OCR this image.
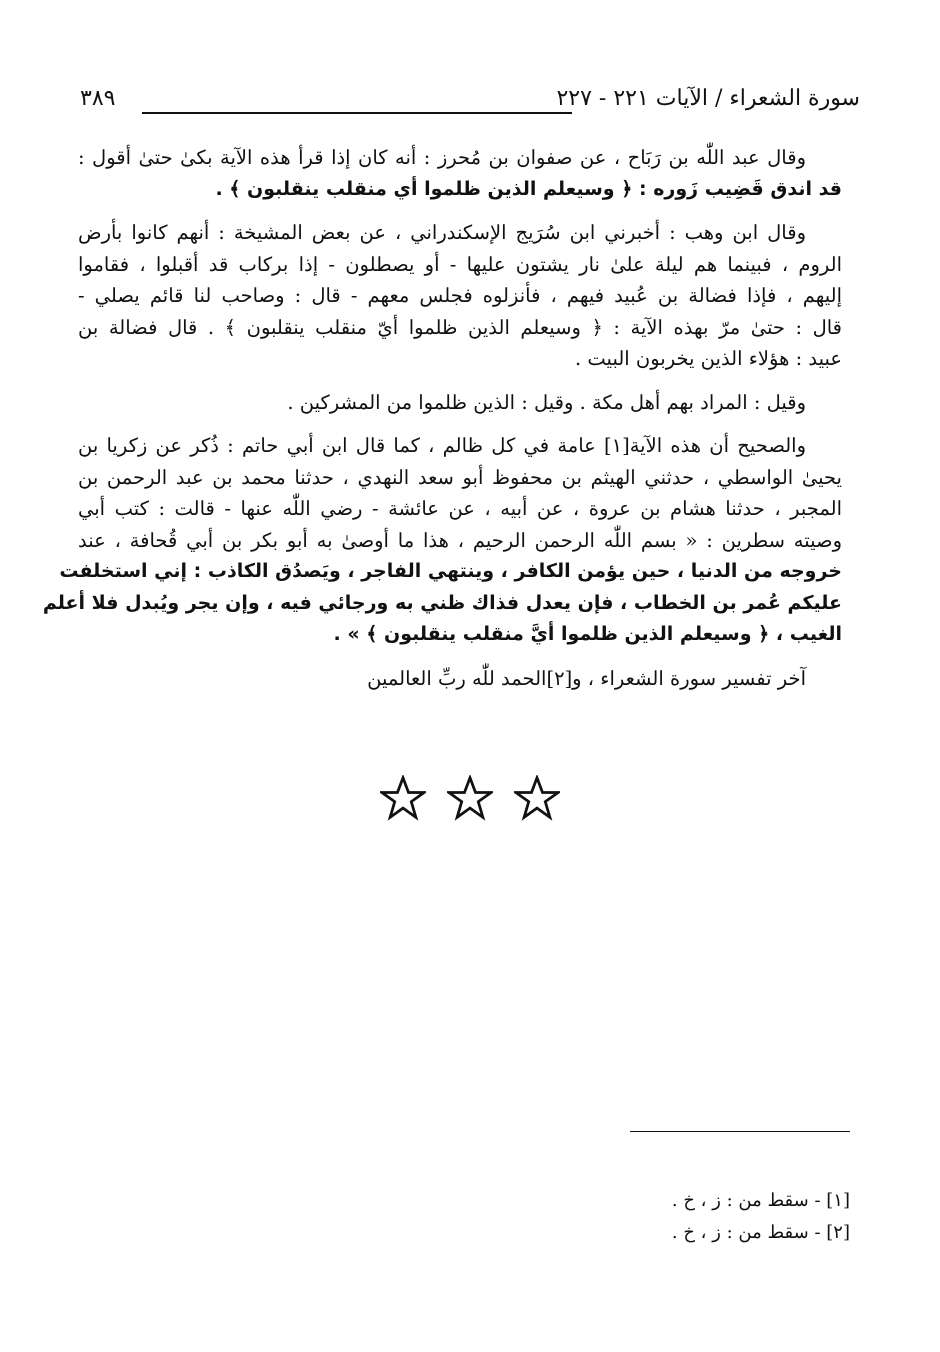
سورة الشعراء / الآيات ٢٢١ - ٢٢٧
٣٨٩

وقال عبد اللّٰه بن رَبَاح ، عن صفوان بن مُحرز : أنه كان إذا قرأ هذه الآية بكىٰ حتىٰ أقول :
قد اندق قَضِيب زَوره : ﴿ وسيعلم الذين ظلموا أي منقلب ينقلبون ﴾ .

وقال ابن وهب : أخبرني ابن سُرَيج الإسكندراني ، عن بعض المشيخة : أنهم كانوا بأرض
الروم ، فبينما هم ليلة علىٰ نار يشتون عليها - أو يصطلون - إذا بركاب قد أقبلوا ، فقاموا
إليهم ، فإذا فضالة بن عُبيد فيهم ، فأنزلوه فجلس معهم - قال : وصاحب لنا قائم يصلي -
قال : حتىٰ مرّ بهذه الآية : ﴿ وسيعلم الذين ظلموا أيّ منقلب ينقلبون ﴾ . قال فضالة بن
عبيد : هؤلاء الذين يخربون البيت .

وقيل : المراد بهم أهل مكة . وقيل : الذين ظلموا من المشركين .

والصحيح أن هذه الآية[١] عامة في كل ظالم ، كما قال ابن أبي حاتم : ذُكر عن زكريا بن
يحيىٰ الواسطي ، حدثني الهيثم بن محفوظ أبو سعد النهدي ، حدثنا محمد بن عبد الرحمن بن
المجبر ، حدثنا هشام بن عروة ، عن أبيه ، عن عائشة - رضي اللّٰه عنها - قالت : كتب أبي
وصيته سطرين : « بسم اللّٰه الرحمن الرحيم ، هذا ما أوصىٰ به أبو بكر بن أبي قُحافة ، عند
خروجه من الدنيا ، حين يؤمن الكافر ، وينتهي الفاجر ، ويَصدُق الكاذب : إني استخلفت
عليكم عُمر بن الخطاب ، فإن يعدل فذاك ظني به ورجائي فيه ، وإن يجر ويُبدل فلا أعلم
الغيب ، ﴿ وسيعلم الذين ظلموا أيَّ منقلب ينقلبون ﴾ » .

آخر تفسير سورة الشعراء ، و[٢]الحمد للّٰه ربِّ العالمين

[١] - سقط من : ز ، خ .
[٢] - سقط من : ز ، خ .
